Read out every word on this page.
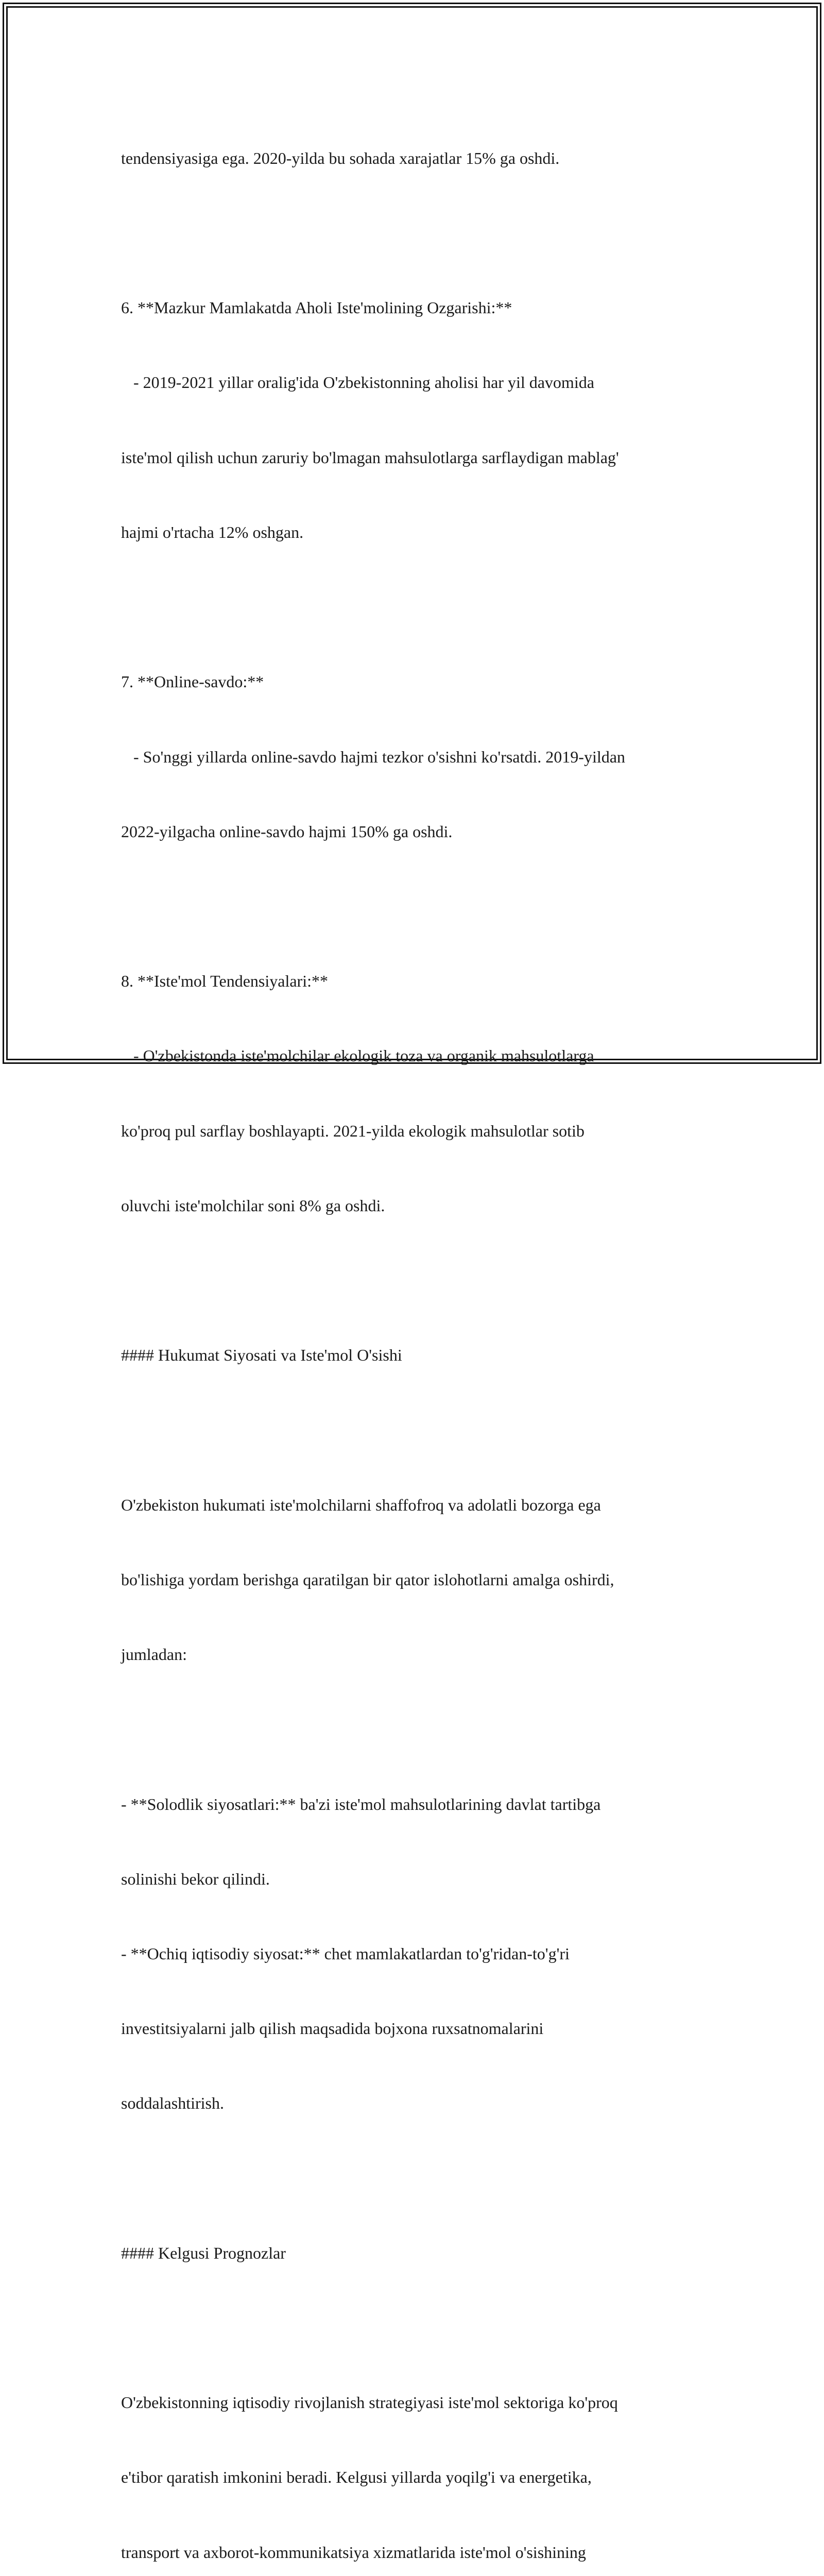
tendensiyasiga ega. 2020-yilda bu sohada xarajatlar 15% ga oshdi.

6. **Mazkur Mamlakatda Aholi Iste'molining Ozgarishi:**

- 2019-2021 yillar oralig'ida O'zbekistonning aholisi har yil davomida

iste'mol qilish uchun zaruriy bo'lmagan mahsulotlarga sarflaydigan mablag'

hajmi o'rtacha 12% oshgan.

7. **Online-savdo:**

- So'nggi yillarda online-savdo hajmi tezkor o'sishni ko'rsatdi. 2019-yildan

2022-yilgacha online-savdo hajmi 150% ga oshdi.

8. **Iste'mol Tendensiyalari:**

- O'zbekistonda iste'molchilar ekologik toza va organik mahsulotlarga

ko'proq pul sarflay boshlayapti. 2021-yilda ekologik mahsulotlar sotib

oluvchi iste'molchilar soni 8% ga oshdi.

#### Hukumat Siyosati va Iste'mol O'sishi

O'zbekiston hukumati iste'molchilarni shaffofroq va adolatli bozorga ega

bo'lishiga yordam berishga qaratilgan bir qator islohotlarni amalga oshirdi,

jumladan:

- **Solodlik siyosatlari:** ba'zi iste'mol mahsulotlarining davlat tartibga

solinishi bekor qilindi.

- **Ochiq iqtisodiy siyosat:** chet mamlakatlardan to'g'ridan-to'g'ri

investitsiyalarni jalb qilish maqsadida bojxona ruxsatnomalarini

soddalashtirish.

#### Kelgusi Prognozlar

O'zbekistonning iqtisodiy rivojlanish strategiyasi iste'mol sektoriga ko'proq

e'tibor qaratish imkonini beradi. Kelgusi yillarda yoqilg'i va energetika,

transport va axborot-kommunikatsiya xizmatlarida iste'mol o'sishining
